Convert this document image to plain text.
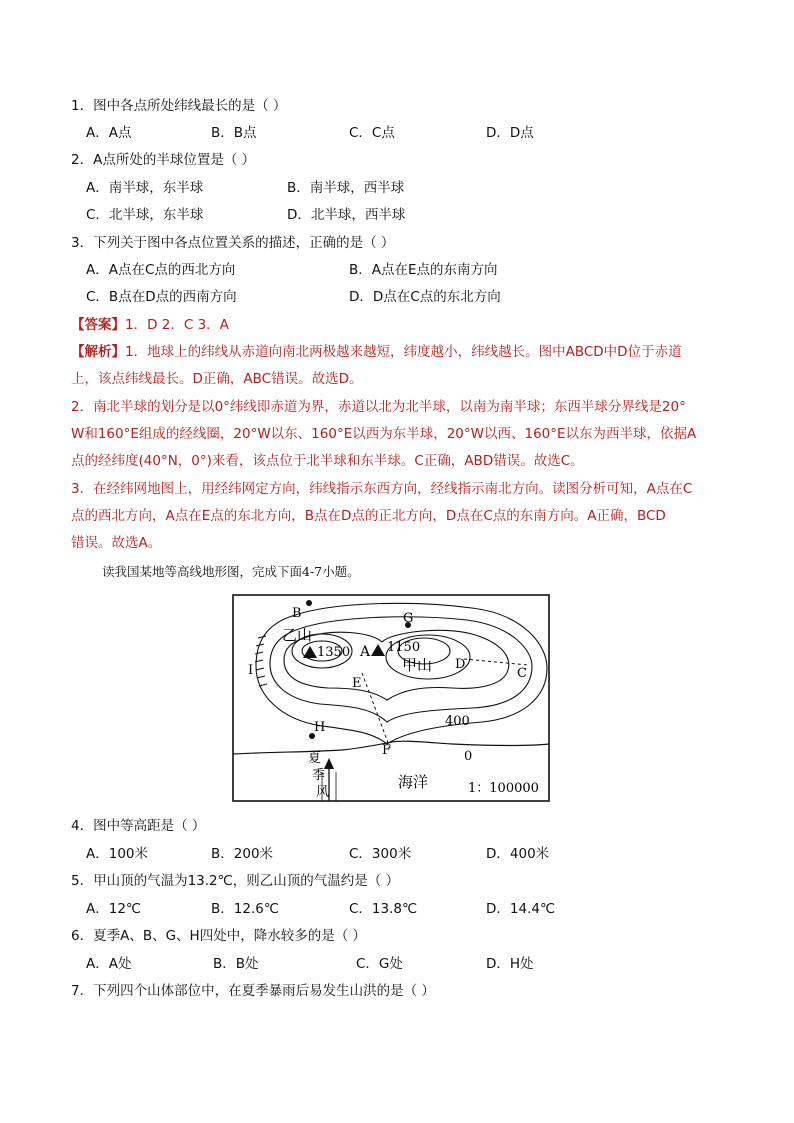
1．图中各点所处纬线最长的是（ ）
A．A点	B．B点	C．C点	D．D点
2．A点所处的半球位置是（ ）
A．南半球，东半球	B．南半球，西半球
C．北半球，东半球	D．北半球，西半球
3．下列关于图中各点位置关系的描述，正确的是（ ）
A．A点在C点的西北方向	B．A点在E点的东南方向
C．B点在D点的西南方向	D．D点在C点的东北方向
【答案】1．D 2．C 3．A
【解析】1．地球上的纬线从赤道向南北两极越来越短，纬度越小，纬线越长。图中ABCD中D位于赤道
上，该点纬线最长。D正确，ABC错误。故选D。
2．南北半球的划分是以0°纬线即赤道为界，赤道以北为北半球，以南为南半球；东西半球分界线是20°
W和160°E组成的经线圈，20°W以东、160°E以西为东半球，20°W以西、160°E以东为西半球，依据A
点的经纬度(40°N，0°)来看，该点位于北半球和东半球。C正确，ABD错误。故选C。
3．在经纬网地图上，用经纬网定方向，纬线指示东西方向，经线指示南北方向。读图分析可知，A点在C
点的西北方向，A点在E点的东北方向，B点在D点的正北方向，D点在C点的东南方向。A正确，BCD
错误。故选A。
读我国某地等高线地形图，完成下面4-7小题。
B	G
乙山
1350 A 1150
甲山 D
C
I
E
H
F
400
0
海洋	1：100000
夏
季
风
4．图中等高距是（ ）
A．100米	B．200米	C．300米	D．400米
5．甲山顶的气温为13.2℃，则乙山顶的气温约是（ ）
A．12℃	B．12.6℃	C．13.8℃	D．14.4℃
6．夏季A、B、G、H四处中，降水较多的是（ ）
A．A处	B．B处	C．G处	D．H处
7．下列四个山体部位中，在夏季暴雨后易发生山洪的是（ ）
